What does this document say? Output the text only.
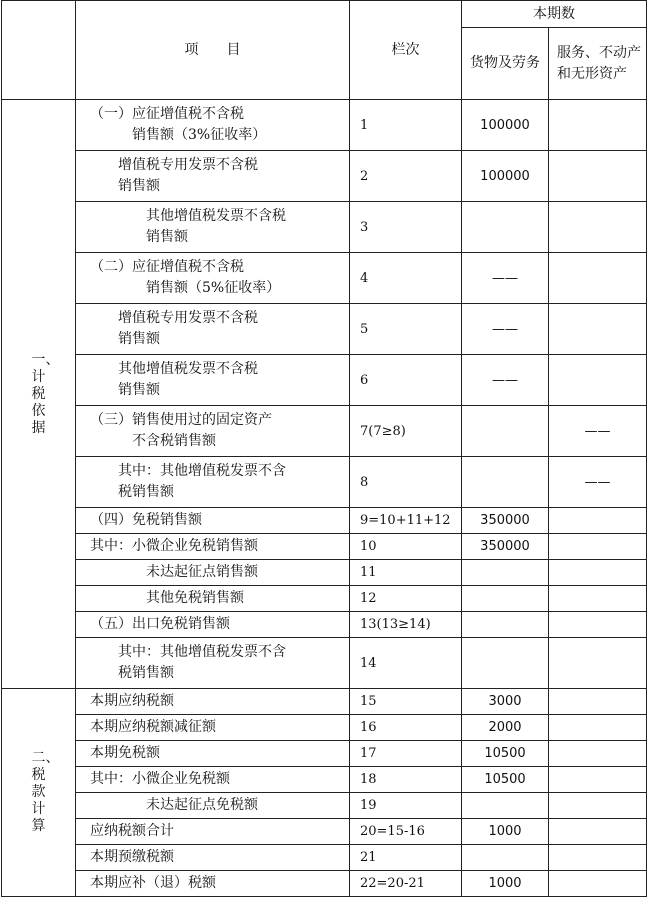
	项　　目	栏次	本期数	
			货物及劳务	服务、不动产和无形资产

一、计税依据	（一）应征增值税不含税
　　　销售额（3%征收率）	1	100000	
	　　增值税专用发票不含税
　　销售额	2	100000	
	　　　　其他增值税发票不含税
　　　　销售额	3		
	（二）应征增值税不含税
　　　　销售额（5%征收率）	4	——	
	　　增值税专用发票不含税
　　销售额	5	——	
	　　其他增值税发票不含税
　　销售额	6	——	
	（三）销售使用过的固定资产
　　　不含税销售额	7(7≥8)		——
	　　其中：其他增值税发票不含
　　税销售额	8		——
	（四）免税销售额	9=10+11+12	350000	
	其中：小微企业免税销售额	10	350000	
	　　　　未达起征点销售额	11		
	　　　　其他免税销售额	12		
	（五）出口免税销售额	13(13≥14)		
	　　其中：其他增值税发票不含
　　税销售额	14		

二、税款计算	本期应纳税额	15	3000	
	本期应纳税额减征额	16	2000	
	本期免税额	17	10500	
	其中：小微企业免税额	18	10500	
	　　　　未达起征点免税额	19		
	应纳税额合计	20=15-16	1000	
	本期预缴税额	21		
	本期应补（退）税额	22=20-21	1000	
